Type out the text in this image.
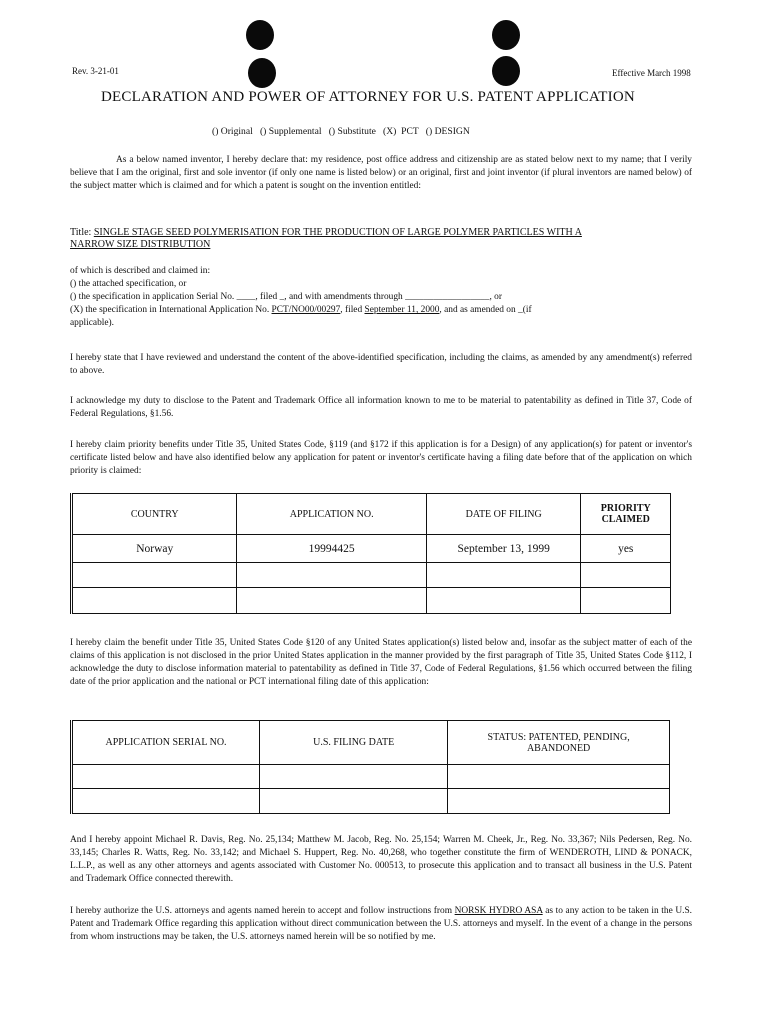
Rev. 3-21-01	Effective March 1998
DECLARATION AND POWER OF ATTORNEY FOR U.S. PATENT APPLICATION
() Original   () Supplemental   () Substitute   (X)  PCT   () DESIGN
As a below named inventor, I hereby declare that: my residence, post office address and citizenship are as stated below next to my name; that I verily believe that I am the original, first and sole inventor (if only one name is listed below) or an original, first and joint inventor (if plural inventors are named below) of the subject matter which is claimed and for which a patent is sought on the invention entitled:
Title: SINGLE STAGE SEED POLYMERISATION FOR THE PRODUCTION OF LARGE POLYMER PARTICLES WITH A
NARROW SIZE DISTRIBUTION
of which is described and claimed in:
() the attached specification, or
() the specification in application Serial No. ____, filed _, and with amendments through __________________, or
(X) the specification in International Application No. PCT/NO00/00297, filed September 11, 2000, and as amended on _(if
applicable).
I hereby state that I have reviewed and understand the content of the above-identified specification, including the claims, as amended by any amendment(s) referred to above.
I acknowledge my duty to disclose to the Patent and Trademark Office all information known to me to be material to patentability as defined in Title 37, Code of Federal Regulations, §1.56.
I hereby claim priority benefits under Title 35, United States Code, §119 (and §172 if this application is for a Design) of any application(s) for patent or inventor's certificate listed below and have also identified below any application for patent or inventor's certificate having a filing date before that of the application on which priority is claimed:
COUNTRY	APPLICATION NO.	DATE OF FILING	PRIORITY CLAIMED
Norway	19994425	September 13, 1999	yes

I hereby claim the benefit under Title 35, United States Code §120 of any United States application(s) listed below and, insofar as the subject matter of each of the claims of this application is not disclosed in the prior United States application in the manner provided by the first paragraph of Title 35, United States Code §112, I acknowledge the duty to disclose information material to patentability as defined in Title 37, Code of Federal Regulations, §1.56 which occurred between the filing date of the prior application and the national or PCT international filing date of this application:
APPLICATION SERIAL NO.	U.S. FILING DATE	STATUS: PATENTED, PENDING, ABANDONED

And I hereby appoint Michael R. Davis, Reg. No. 25,134; Matthew M. Jacob, Reg. No. 25,154; Warren M. Cheek, Jr., Reg. No. 33,367; Nils Pedersen, Reg. No. 33,145; Charles R. Watts, Reg. No. 33,142; and Michael S. Huppert, Reg. No. 40,268, who together constitute the firm of WENDEROTH, LIND & PONACK, L.L.P., as well as any other attorneys and agents associated with Customer No. 000513, to prosecute this application and to transact all business in the U.S. Patent and Trademark Office connected therewith.
I hereby authorize the U.S. attorneys and agents named herein to accept and follow instructions from NORSK HYDRO ASA as to any action to be taken in the U.S. Patent and Trademark Office regarding this application without direct communication between the U.S. attorneys and myself. In the event of a change in the persons from whom instructions may be taken, the U.S. attorneys named herein will be so notified by me.
